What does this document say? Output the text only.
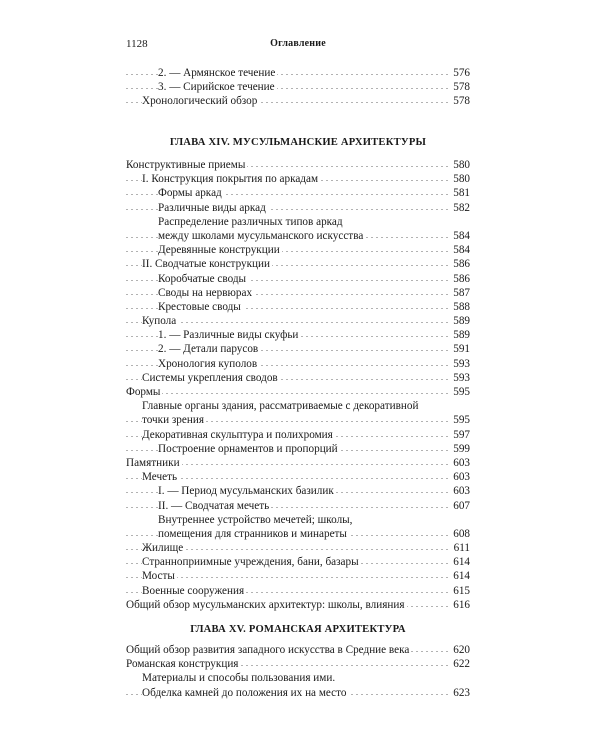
1128	Оглавление
2. — Армянское течение	576
. . .
3. — Сирийское течение	578
. . .
Хронологический обзор	578
. . .
ГЛАВА XIV. МУСУЛЬМАНСКИЕ АРХИТЕКТУРЫ
Конструктивные приемы	580
. . .
I. Конструкция покрытия по аркадам	580
. . .
Формы аркад	581
. . .
Различные виды аркад	582
. . .
Распределение различных типов аркад
между школами мусульманского искусства	584
. . .
Деревянные конструкции	584
. . .
II. Сводчатые конструкции	586
. . .
Коробчатые своды	586
. . .
Своды на нервюрах	587
. . .
Крестовые своды	588
. . .
Купола	589
. . .
1. — Различные виды скуфьи	589
. . .
2. — Детали парусов	591
. . .
Хронология куполов	593
. . .
Системы укрепления сводов	593
. . .
Формы	595
. . .
Главные органы здания, рассматриваемые с декоративной
точки зрения	595
. . .
Декоративная скульптура и полихромия	597
. . .
Построение орнаментов и пропорций	599
. . .
Памятники	603
. . .
Мечеть	603
. . .
I. — Период мусульманских базилик	603
. . .
II. — Сводчатая мечеть	607
. . .
Внутреннее устройство мечетей; школы,
помещения для странников и минареты	608
. . .
Жилище	611
. . .
Странноприимные учреждения, бани, базары	614
. . .
Мосты	614
. . .
Военные сооружения	615
. . .
Общий обзор мусульманских архитектур: школы, влияния	616
. . .
ГЛАВА XV. РОМАНСКАЯ АРХИТЕКТУРА
Общий обзор развития западного искусства в Средние века	620
. . .
Романская конструкция	622
. . .
Материалы и способы пользования ими.
Обделка камней до положения их на место	623
. . .
